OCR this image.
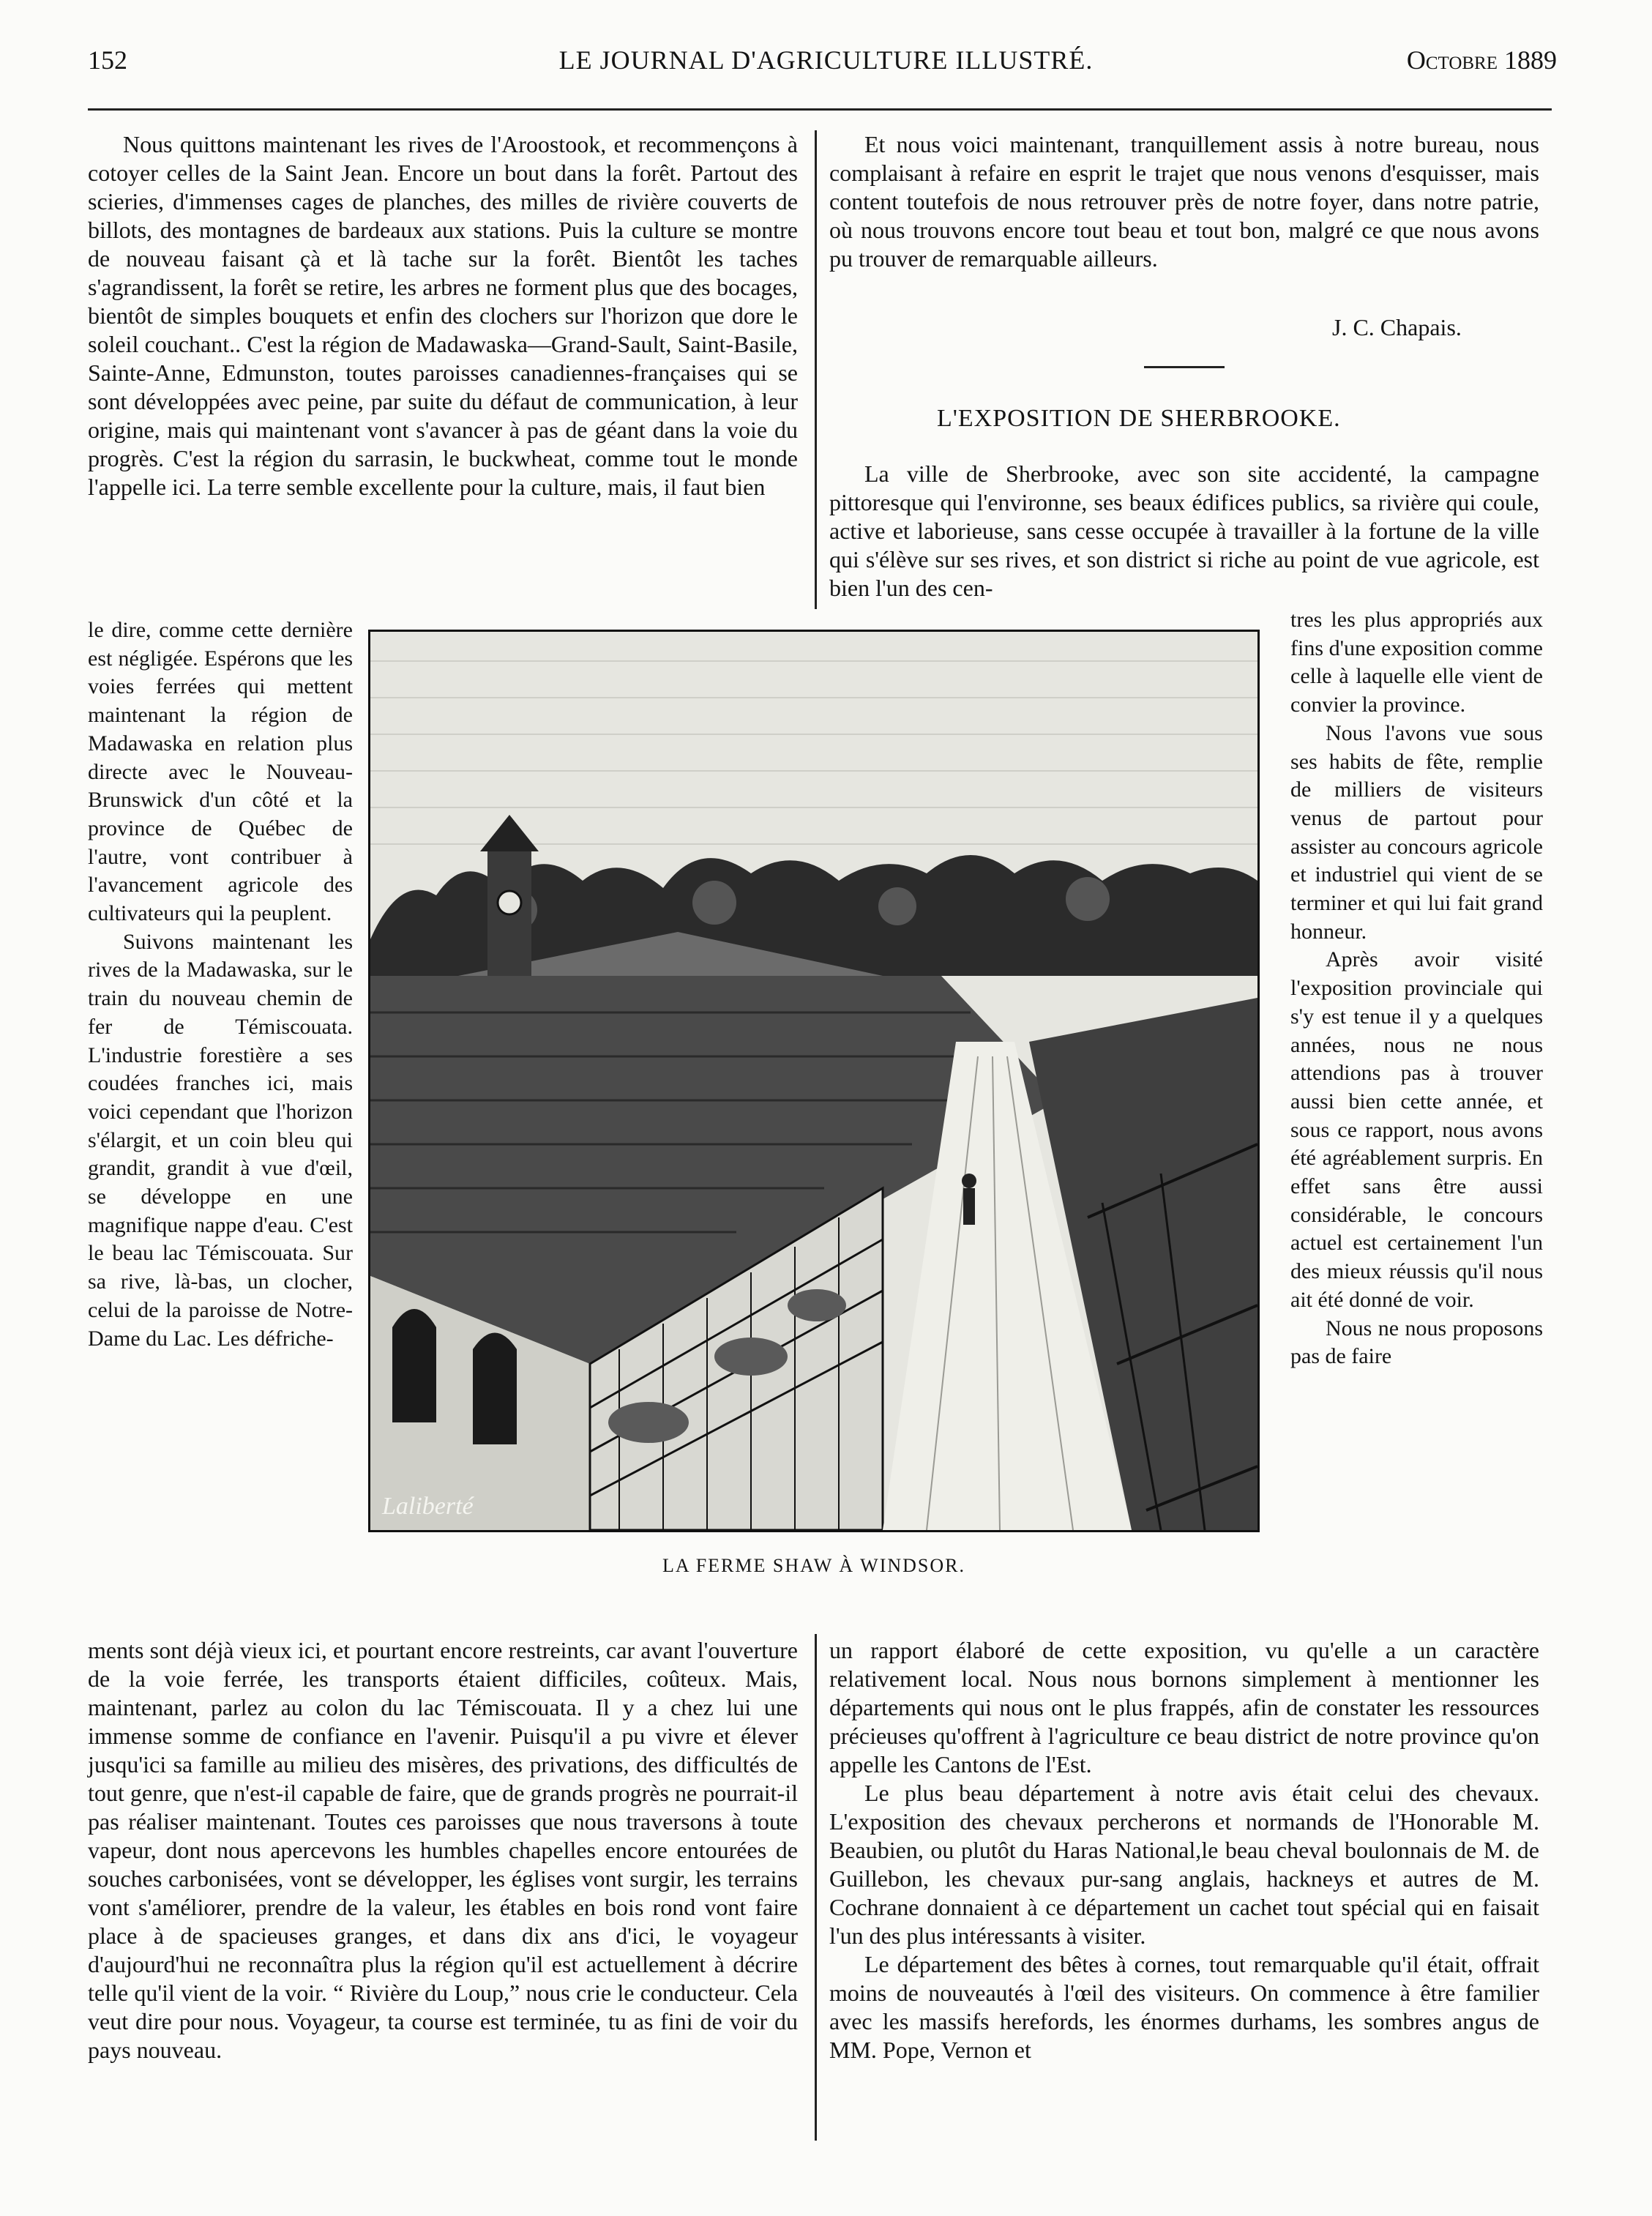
152	LE JOURNAL D'AGRICULTURE ILLUSTRÉ.	Octobre 1889

Nous quittons maintenant les rives de l'Aroostook, et recommençons à cotoyer celles de la Saint Jean. Encore un bout dans la forêt. Partout des scieries, d'immenses cages de planches, des milles de rivière couverts de billots, des montagnes de bardeaux aux stations. Puis la culture se montre de nouveau faisant çà et là tache sur la forêt. Bientôt les taches s'agrandissent, la forêt se retire, les arbres ne forment plus que des bocages, bientôt de simples bouquets et enfin des clochers sur l'horizon que dore le soleil couchant.. C'est la région de Madawaska—Grand-Sault, Saint-Basile, Sainte-Anne, Edmunston, toutes paroisses canadiennes-françaises qui se sont développées avec peine, par suite du défaut de communication, à leur origine, mais qui maintenant vont s'avancer à pas de géant dans la voie du progrès. C'est la région du sarrasin, le buckwheat, comme tout le monde l'appelle ici. La terre semble excellente pour la culture, mais, il faut bien

le dire, comme cette dernière est négligée. Espérons que les voies ferrées qui mettent maintenant la région de Madawaska en relation plus directe avec le Nouveau-Brunswick d'un côté et la province de Québec de l'autre, vont contribuer à l'avancement agricole des cultivateurs qui la peuplent.

Suivons maintenant les rives de la Madawaska, sur le train du nouveau chemin de fer de Témiscouata. L'industrie forestière a ses coudées franches ici, mais voici cependant que l'horizon s'élargit, et un coin bleu qui grandit, grandit à vue d'œil, se développe en une magnifique nappe d'eau. C'est le beau lac Témiscouata. Sur sa rive, là-bas, un clocher, celui de la paroisse de Notre-Dame du Lac. Les défriche-

ments sont déjà vieux ici, et pourtant encore restreints, car avant l'ouverture de la voie ferrée, les transports étaient difficiles, coûteux. Mais, maintenant, parlez au colon du lac Témiscouata. Il y a chez lui une immense somme de confiance en l'avenir. Puisqu'il a pu vivre et élever jusqu'ici sa famille au milieu des misères, des privations, des difficultés de tout genre, que n'est-il capable de faire, que de grands progrès ne pourrait-il pas réaliser maintenant. Toutes ces paroisses que nous traversons à toute vapeur, dont nous apercevons les humbles chapelles encore entourées de souches carbonisées, vont se développer, les églises vont surgir, les terrains vont s'améliorer, prendre de la valeur, les étables en bois rond vont faire place à de spacieuses granges, et dans dix ans d'ici, le voyageur d'aujourd'hui ne reconnaîtra plus la région qu'il est actuellement à décrire telle qu'il vient de la voir. “ Rivière du Loup,” nous crie le conducteur. Cela veut dire pour nous. Voyageur, ta course est terminée, tu as fini de voir du pays nouveau.

Et nous voici maintenant, tranquillement assis à notre bureau, nous complaisant à refaire en esprit le trajet que nous venons d'esquisser, mais content toutefois de nous retrouver près de notre foyer, dans notre patrie, où nous trouvons encore tout beau et tout bon, malgré ce que nous avons pu trouver de remarquable ailleurs.

J. C. Chapais.
L'EXPOSITION DE SHERBROOKE.

La ville de Sherbrooke, avec son site accidenté, la campagne pittoresque qui l'environne, ses beaux édifices publics, sa rivière qui coule, active et laborieuse, sans cesse occupée à travailler à la fortune de la ville qui s'élève sur ses rives, et son district si riche au point de vue agricole, est bien l'un des cen-

tres les plus appropriés aux fins d'une exposition comme celle à laquelle elle vient de convier la province.

Nous l'avons vue sous ses habits de fête, remplie de milliers de visiteurs venus de partout pour assister au concours agricole et industriel qui vient de se terminer et qui lui fait grand honneur.

Après avoir visité l'exposition provinciale qui s'y est tenue il y a quelques années, nous ne nous attendions pas à trouver aussi bien cette année, et sous ce rapport, nous avons été agréablement surpris. En effet sans être aussi considérable, le concours actuel est certainement l'un des mieux réussis qu'il nous ait été donné de voir.

Nous ne nous proposons pas de faire

un rapport élaboré de cette exposition, vu qu'elle a un caractère relativement local. Nous nous bornons simplement à mentionner les départements qui nous ont le plus frappés, afin de constater les ressources précieuses qu'offrent à l'agriculture ce beau district de notre province qu'on appelle les Cantons de l'Est.

Le plus beau département à notre avis était celui des chevaux. L'exposition des chevaux percherons et normands de l'Honorable M. Beaubien, ou plutôt du Haras National,le beau cheval boulonnais de M. de Guillebon, les chevaux pur-sang anglais, hackneys et autres de M. Cochrane donnaient à ce département un cachet tout spécial qui en faisait l'un des plus intéressants à visiter.

Le département des bêtes à cornes, tout remarquable qu'il était, offrait moins de nouveautés à l'œil des visiteurs. On commence à être familier avec les massifs herefords, les énormes durhams, les sombres angus de MM. Pope, Vernon et

Laliberté
LA FERME SHAW À WINDSOR.
